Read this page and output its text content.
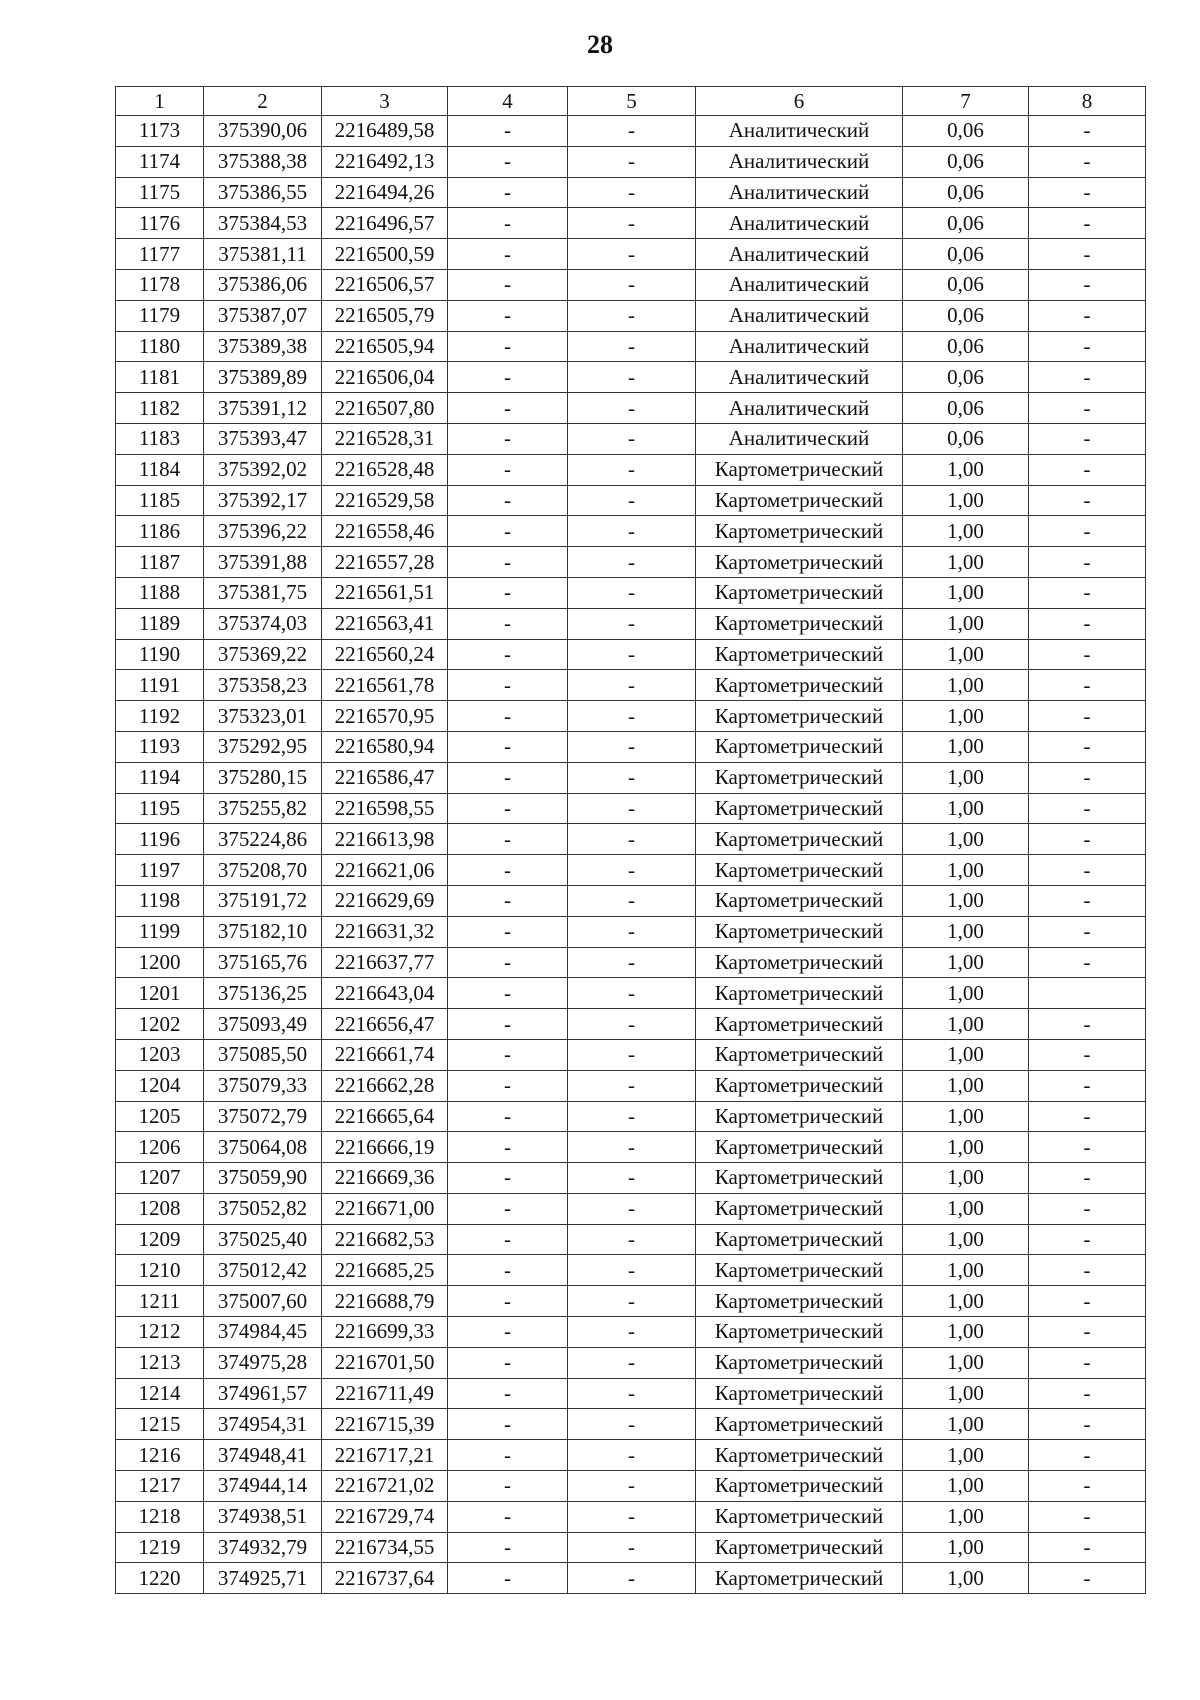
28
1	2	3	4	5	6	7	8
1173	375390,06	2216489,58	-	-	Аналитический	0,06	-
1174	375388,38	2216492,13	-	-	Аналитический	0,06	-
1175	375386,55	2216494,26	-	-	Аналитический	0,06	-
1176	375384,53	2216496,57	-	-	Аналитический	0,06	-
1177	375381,11	2216500,59	-	-	Аналитический	0,06	-
1178	375386,06	2216506,57	-	-	Аналитический	0,06	-
1179	375387,07	2216505,79	-	-	Аналитический	0,06	-
1180	375389,38	2216505,94	-	-	Аналитический	0,06	-
1181	375389,89	2216506,04	-	-	Аналитический	0,06	-
1182	375391,12	2216507,80	-	-	Аналитический	0,06	-
1183	375393,47	2216528,31	-	-	Аналитический	0,06	-
1184	375392,02	2216528,48	-	-	Картометрический	1,00	-
1185	375392,17	2216529,58	-	-	Картометрический	1,00	-
1186	375396,22	2216558,46	-	-	Картометрический	1,00	-
1187	375391,88	2216557,28	-	-	Картометрический	1,00	-
1188	375381,75	2216561,51	-	-	Картометрический	1,00	-
1189	375374,03	2216563,41	-	-	Картометрический	1,00	-
1190	375369,22	2216560,24	-	-	Картометрический	1,00	-
1191	375358,23	2216561,78	-	-	Картометрический	1,00	-
1192	375323,01	2216570,95	-	-	Картометрический	1,00	-
1193	375292,95	2216580,94	-	-	Картометрический	1,00	-
1194	375280,15	2216586,47	-	-	Картометрический	1,00	-
1195	375255,82	2216598,55	-	-	Картометрический	1,00	-
1196	375224,86	2216613,98	-	-	Картометрический	1,00	-
1197	375208,70	2216621,06	-	-	Картометрический	1,00	-
1198	375191,72	2216629,69	-	-	Картометрический	1,00	-
1199	375182,10	2216631,32	-	-	Картометрический	1,00	-
1200	375165,76	2216637,77	-	-	Картометрический	1,00	-
1201	375136,25	2216643,04	-	-	Картометрический	1,00	
1202	375093,49	2216656,47	-	-	Картометрический	1,00	-
1203	375085,50	2216661,74	-	-	Картометрический	1,00	-
1204	375079,33	2216662,28	-	-	Картометрический	1,00	-
1205	375072,79	2216665,64	-	-	Картометрический	1,00	-
1206	375064,08	2216666,19	-	-	Картометрический	1,00	-
1207	375059,90	2216669,36	-	-	Картометрический	1,00	-
1208	375052,82	2216671,00	-	-	Картометрический	1,00	-
1209	375025,40	2216682,53	-	-	Картометрический	1,00	-
1210	375012,42	2216685,25	-	-	Картометрический	1,00	-
1211	375007,60	2216688,79	-	-	Картометрический	1,00	-
1212	374984,45	2216699,33	-	-	Картометрический	1,00	-
1213	374975,28	2216701,50	-	-	Картометрический	1,00	-
1214	374961,57	2216711,49	-	-	Картометрический	1,00	-
1215	374954,31	2216715,39	-	-	Картометрический	1,00	-
1216	374948,41	2216717,21	-	-	Картометрический	1,00	-
1217	374944,14	2216721,02	-	-	Картометрический	1,00	-
1218	374938,51	2216729,74	-	-	Картометрический	1,00	-
1219	374932,79	2216734,55	-	-	Картометрический	1,00	-
1220	374925,71	2216737,64	-	-	Картометрический	1,00	-
